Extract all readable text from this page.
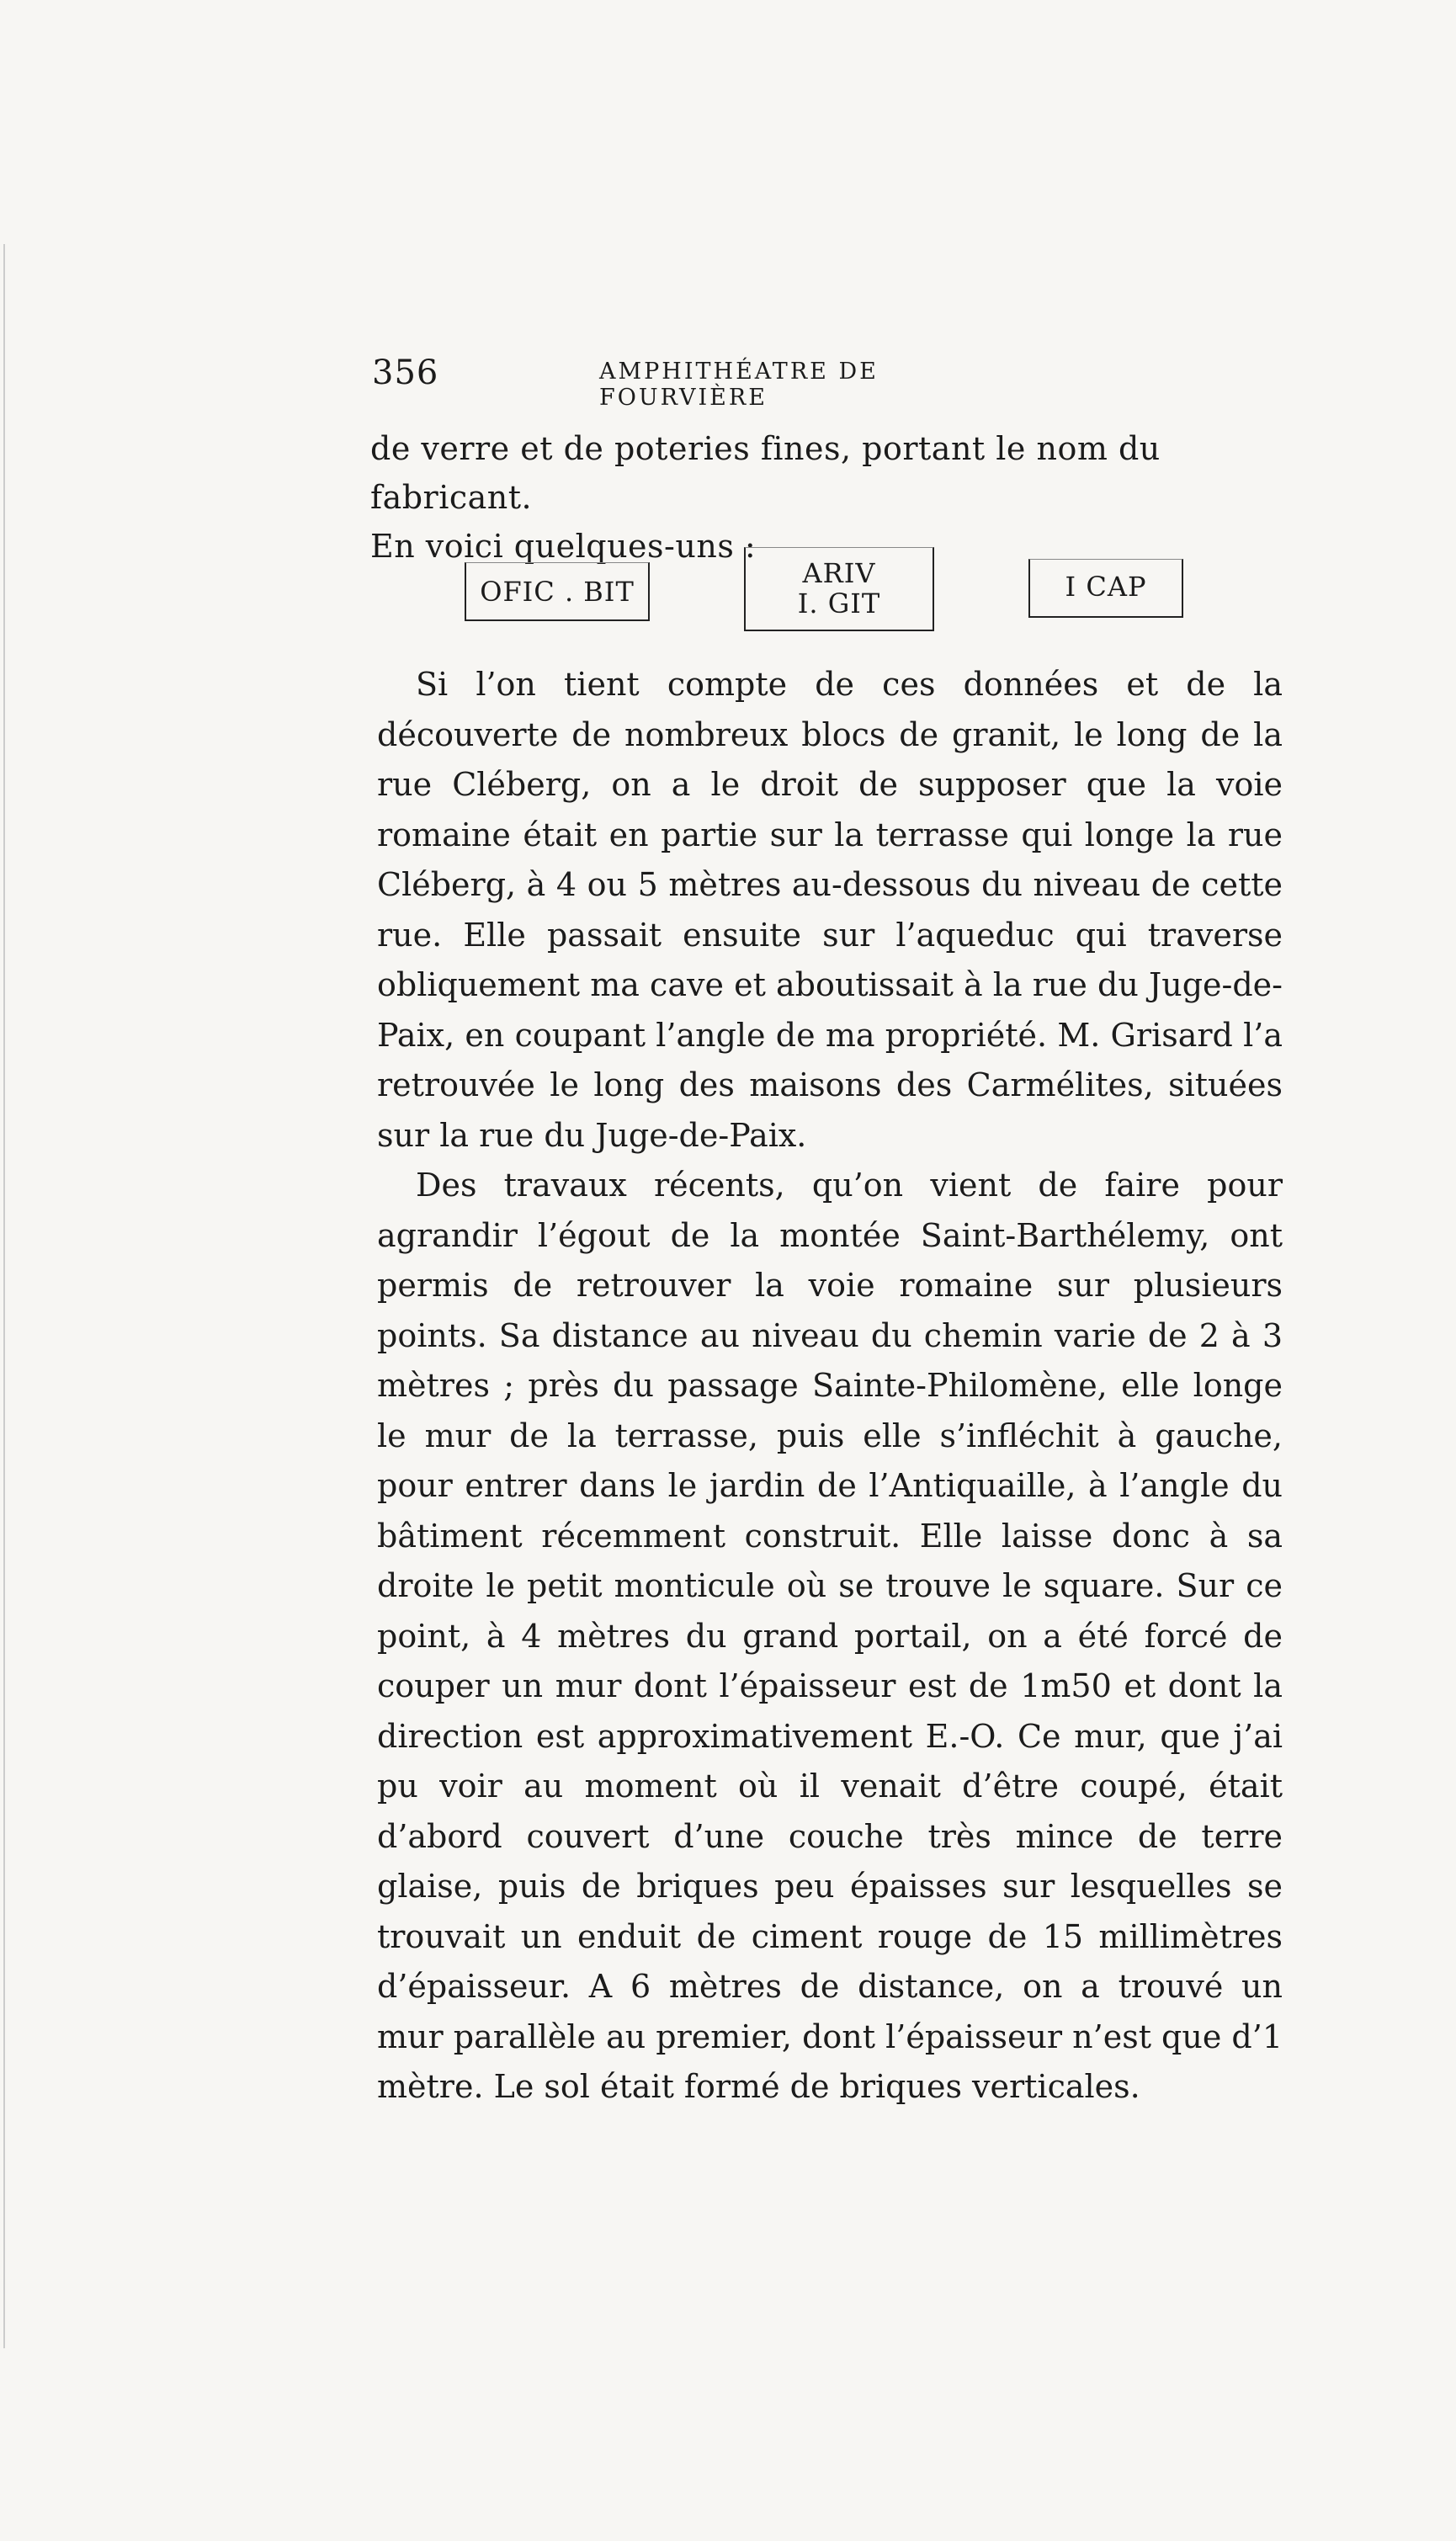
356	AMPHITHÉATRE DE FOURVIÈRE

de verre et de poteries fines, portant le nom du fabricant.

En voici quelques-uns :

OFIC . BIT
ARIV
I. GIT
I CAP

Si l’on tient compte de ces données et de la découverte de nombreux blocs de granit, le long de la rue Cléberg, on a le droit de supposer que la voie romaine était en partie sur la terrasse qui longe la rue Cléberg, à 4 ou 5 mètres au-dessous du niveau de cette rue. Elle passait ensuite sur l’aqueduc qui traverse obliquement ma cave et aboutissait à la rue du Juge-de-Paix, en coupant l’angle de ma propriété. M. Grisard l’a retrouvée le long des maisons des Carmélites, situées sur la rue du Juge-de-Paix.

Des travaux récents, qu’on vient de faire pour agrandir l’égout de la montée Saint-Barthélemy, ont permis de retrouver la voie romaine sur plusieurs points. Sa distance au niveau du chemin varie de 2 à 3 mètres ; près du passage Sainte-Philomène, elle longe le mur de la terrasse, puis elle s’infléchit à gauche, pour entrer dans le jardin de l’Antiquaille, à l’angle du bâtiment récemment construit. Elle laisse donc à sa droite le petit monticule où se trouve le square. Sur ce point, à 4 mètres du grand portail, on a été forcé de couper un mur dont l’épaisseur est de 1m50 et dont la direction est approximativement E.-O. Ce mur, que j’ai pu voir au moment où il venait d’être coupé, était d’abord couvert d’une couche très mince de terre glaise, puis de briques peu épaisses sur lesquelles se trouvait un enduit de ciment rouge de 15 millimètres d’épaisseur. A 6 mètres de distance, on a trouvé un mur parallèle au premier, dont l’épaisseur n’est que d’1 mètre. Le sol était formé de briques verticales.
